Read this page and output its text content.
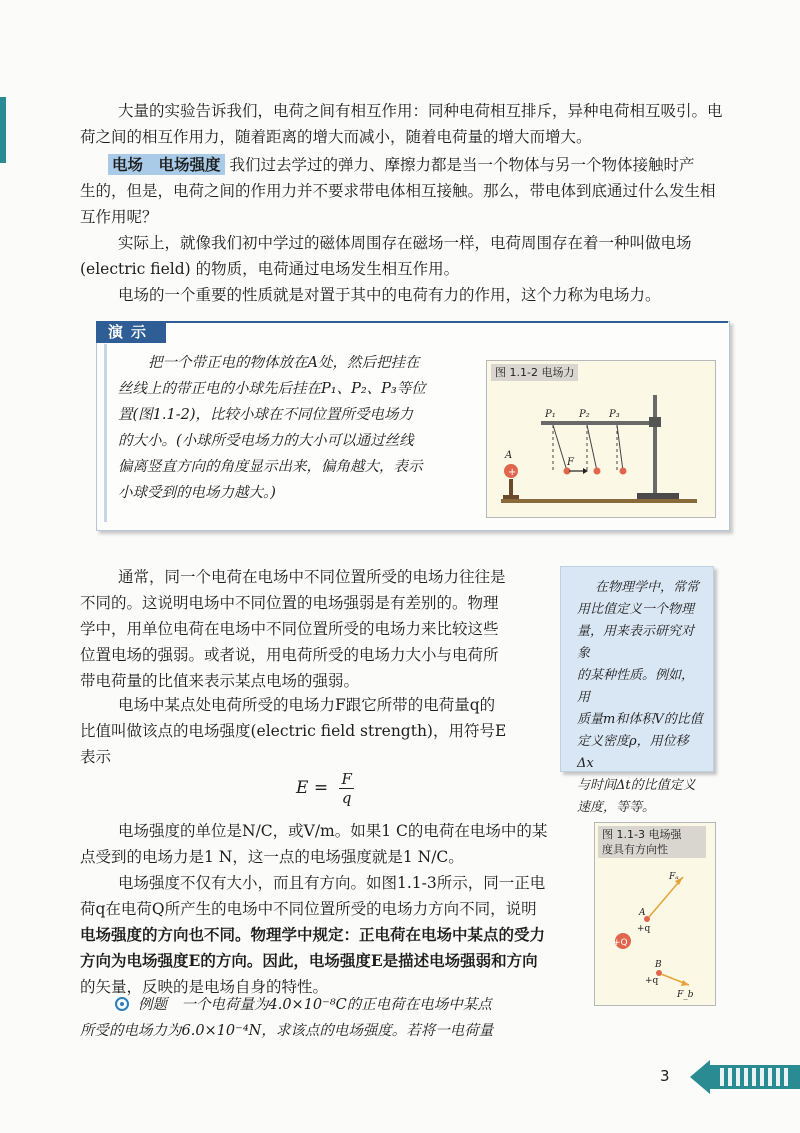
大量的实验告诉我们，电荷之间有相互作用：同种电荷相互排斥，异种电荷相互吸引。电

荷之间的相互作用力，随着距离的增大而减小，随着电荷量的增大而增大。

电场　电场强度 我们过去学过的弹力、摩擦力都是当一个物体与另一个物体接触时产

生的，但是，电荷之间的作用力并不要求带电体相互接触。那么，带电体到底通过什么发生相

互作用呢？

实际上，就像我们初中学过的磁体周围存在磁场一样，电荷周围存在着一种叫做电场

(electric field) 的物质，电荷通过电场发生相互作用。

电场的一个重要的性质就是对置于其中的电荷有力的作用，这个力称为电场力。

演示
把一个带正电的物体放在A处，然后把挂在
丝线上的带正电的小球先后挂在P₁、P₂、P₃等位
置(图1.1-2)，比较小球在不同位置所受电场力
的大小。(小球所受电场力的大小可以通过丝线
偏离竖直方向的角度显示出来，偏角越大，表示
小球受到的电场力越大。)
+
A
P₁ P₂ P₃
F
图 1.1-2 电场力

通常，同一个电荷在电场中不同位置所受的电场力往往是

不同的。这说明电场中不同位置的电场强弱是有差别的。物理

学中，用单位电荷在电场中不同位置所受的电场力来比较这些

位置电场的强弱。或者说，用电荷所受的电场力大小与电荷所

带电荷量的比值来表示某点电场的强弱。

在物理学中，常常
用比值定义一个物理
量，用来表示研究对象
的某种性质。例如，用
质量m和体积V的比值
定义密度ρ，用位移Δx
与时间Δt的比值定义
速度，等等。

电场中某点处电荷所受的电场力F跟它所带的电荷量q的

比值叫做该点的电场强度(electric field strength)，用符号E

表示

$E = \frac{F}{q}$

电场强度的单位是N/C，或V/m。如果1 C的电荷在电场中的某

点受到的电场力是1 N，这一点的电场强度就是1 N/C。

电场强度不仅有大小，而且有方向。如图1.1-3所示，同一正电

荷q在电荷Q所产生的电场中不同位置所受的电场力方向不同，说明

电场强度的方向也不同。物理学中规定：正电荷在电场中某点的受力

方向为电场强度E的方向。因此，电场强度E是描述电场强弱和方向

的矢量，反映的是电场自身的特性。

+Q
Fₐ
A
+q
B
+q
F_b
图 1.1-3 电场强
度具有方向性

例题　一个电荷量为4.0×10⁻⁸C的正电荷在电场中某点

所受的电场力为6.0×10⁻⁴N，求该点的电场强度。若将一电荷量

3
